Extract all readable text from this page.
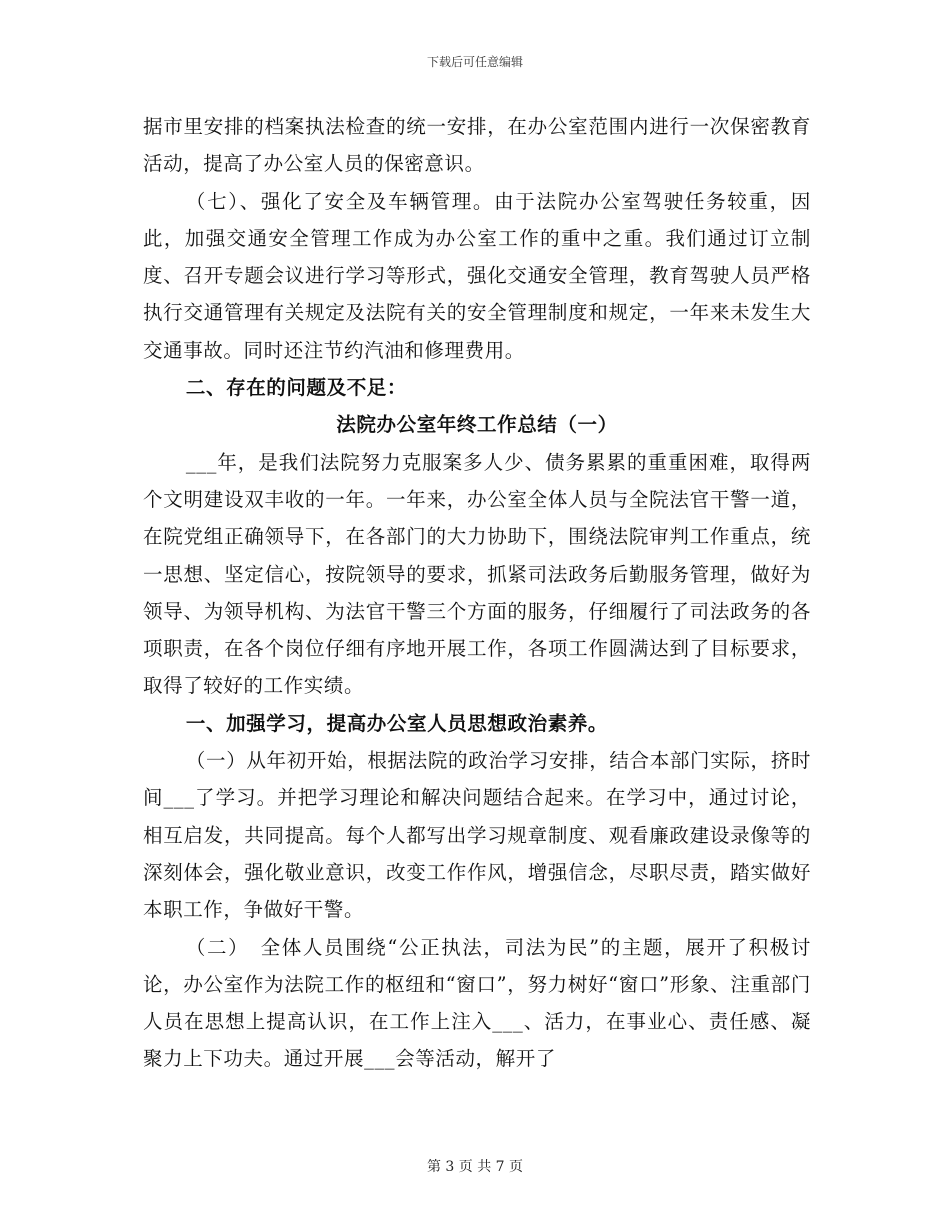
下载后可任意编辑

据市里安排的档案执法检查的统一安排，在办公室范围内进行一次保密教育活动，提高了办公室人员的保密意识。

（七）、强化了安全及车辆管理。由于法院办公室驾驶任务较重，因此，加强交通安全管理工作成为办公室工作的重中之重。我们通过订立制度、召开专题会议进行学习等形式，强化交通安全管理，教育驾驶人员严格执行交通管理有关规定及法院有关的安全管理制度和规定，一年来未发生大交通事故。同时还注节约汽油和修理费用。

二、存在的问题及不足：

法院办公室年终工作总结（一）

___年，是我们法院努力克服案多人少、债务累累的重重困难，取得两个文明建设双丰收的一年。一年来，办公室全体人员与全院法官干警一道，在院党组正确领导下，在各部门的大力协助下，围绕法院审判工作重点，统一思想、坚定信心，按院领导的要求，抓紧司法政务后勤服务管理，做好为领导、为领导机构、为法官干警三个方面的服务，仔细履行了司法政务的各项职责，在各个岗位仔细有序地开展工作，各项工作圆满达到了目标要求，取得了较好的工作实绩。

一、加强学习，提高办公室人员思想政治素养。

（一）从年初开始，根据法院的政治学习安排，结合本部门实际，挤时间___了学习。并把学习理论和解决问题结合起来。在学习中，通过讨论，相互启发，共同提高。每个人都写出学习规章制度、观看廉政建设录像等的深刻体会，强化敬业意识，改变工作作风，增强信念，尽职尽责，踏实做好本职工作，争做好干警。

（二）　全体人员围绕“公正执法，司法为民”的主题，展开了积极讨论，办公室作为法院工作的枢纽和“窗口”，努力树好“窗口”形象、注重部门人员在思想上提高认识，在工作上注入___、活力，在事业心、责任感、凝聚力上下功夫。通过开展___会等活动，解开了

第 3 页 共 7 页
